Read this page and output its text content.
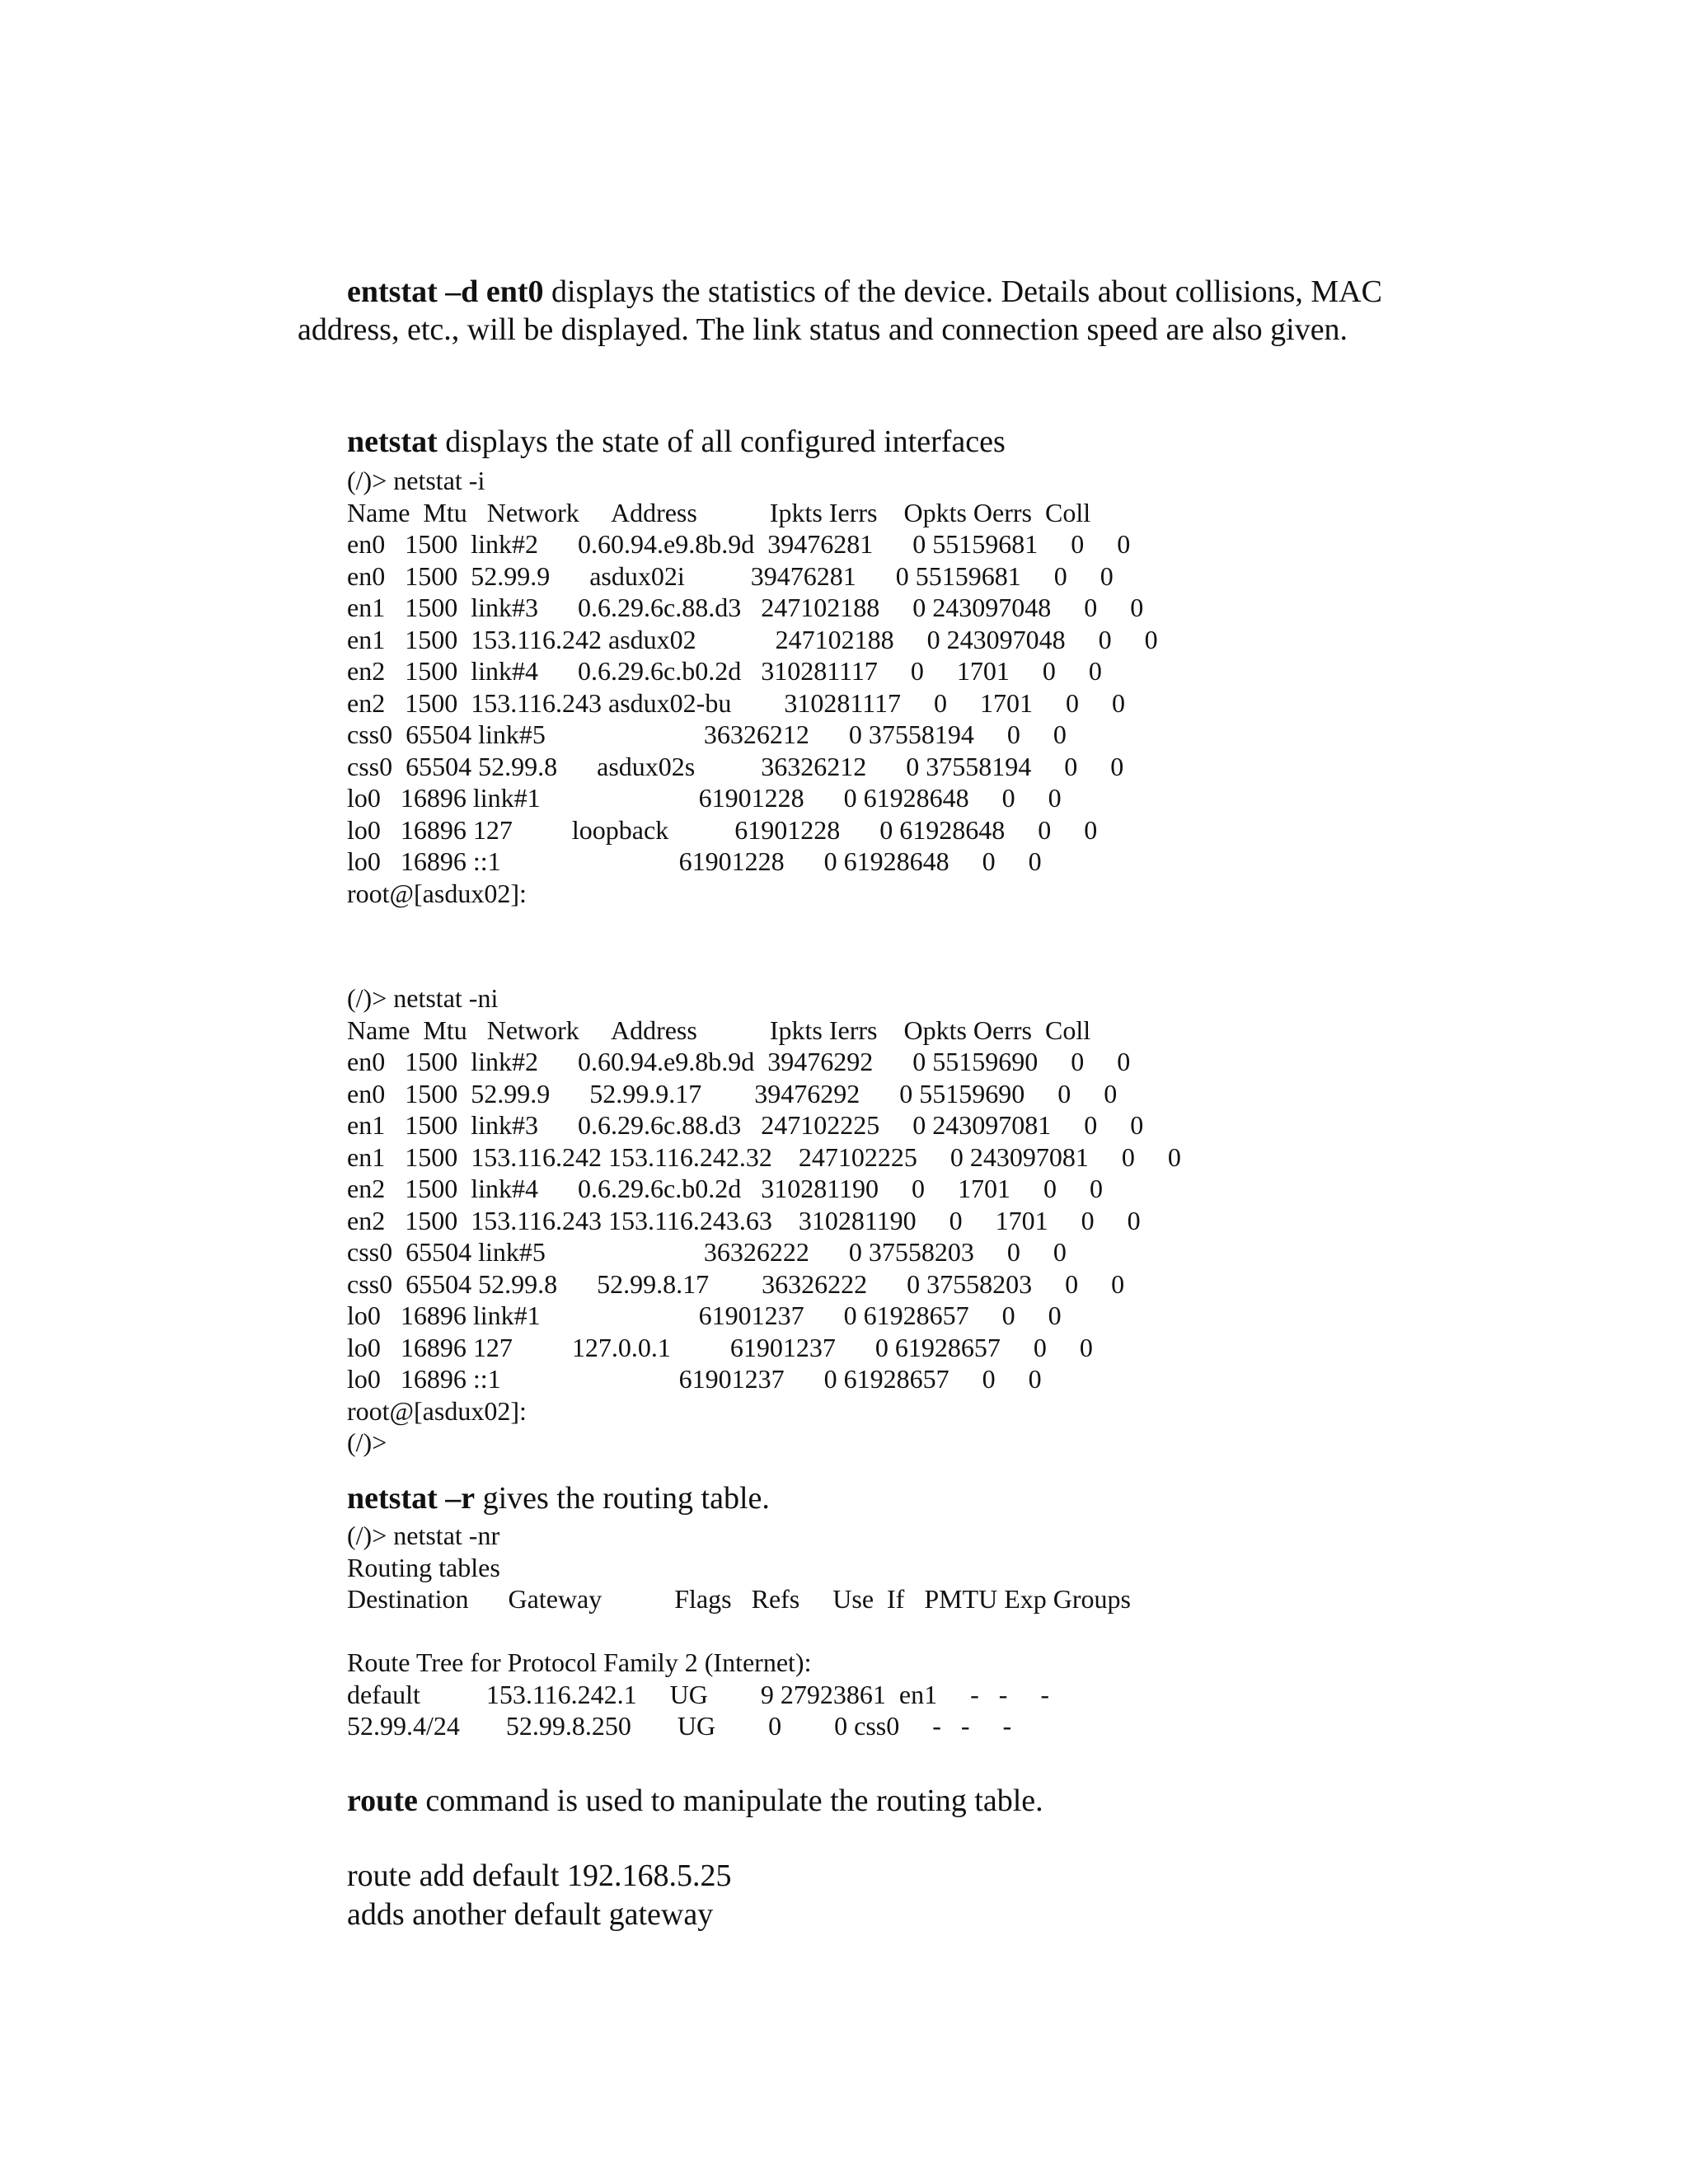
entstat –d ent0 displays the statistics of the device. Details about collisions, MAC address, etc., will be displayed. The link status and connection speed are also given.

netstat displays the state of all configured interfaces

(/)> netstat -i
Name  Mtu   Network     Address           Ipkts Ierrs    Opkts Oerrs  Coll
en0   1500  link#2      0.60.94.e9.8b.9d  39476281      0 55159681     0     0
en0   1500  52.99.9      asdux02i          39476281      0 55159681     0     0
en1   1500  link#3      0.6.29.6c.88.d3   247102188     0 243097048     0     0
en1   1500  153.116.242 asdux02            247102188     0 243097048     0     0
en2   1500  link#4      0.6.29.6c.b0.2d   310281117     0     1701     0     0
en2   1500  153.116.243 asdux02-bu        310281117     0     1701     0     0
css0  65504 link#5                        36326212      0 37558194     0     0
css0  65504 52.99.8      asdux02s          36326212      0 37558194     0     0
lo0   16896 link#1                        61901228      0 61928648     0     0
lo0   16896 127         loopback          61901228      0 61928648     0     0
lo0   16896 ::1                           61901228      0 61928648     0     0
root@[asdux02]:
(/)> netstat -ni
Name  Mtu   Network     Address           Ipkts Ierrs    Opkts Oerrs  Coll
en0   1500  link#2      0.60.94.e9.8b.9d  39476292      0 55159690     0     0
en0   1500  52.99.9      52.99.9.17        39476292      0 55159690     0     0
en1   1500  link#3      0.6.29.6c.88.d3   247102225     0 243097081     0     0
en1   1500  153.116.242 153.116.242.32    247102225     0 243097081     0     0
en2   1500  link#4      0.6.29.6c.b0.2d   310281190     0     1701     0     0
en2   1500  153.116.243 153.116.243.63    310281190     0     1701     0     0
css0  65504 link#5                        36326222      0 37558203     0     0
css0  65504 52.99.8      52.99.8.17        36326222      0 37558203     0     0
lo0   16896 link#1                        61901237      0 61928657     0     0
lo0   16896 127         127.0.0.1         61901237      0 61928657     0     0
lo0   16896 ::1                           61901237      0 61928657     0     0
root@[asdux02]:
(/)>

netstat –r gives the routing table.

(/)> netstat -nr
Routing tables
Destination      Gateway           Flags   Refs     Use  If   PMTU Exp Groups
Route Tree for Protocol Family 2 (Internet):
default          153.116.242.1     UG        9 27923861  en1     -   -     -
52.99.4/24       52.99.8.250       UG        0        0 css0     -   -     -

route command is used to manipulate the routing table.

route add default 192.168.5.25

adds another default gateway
